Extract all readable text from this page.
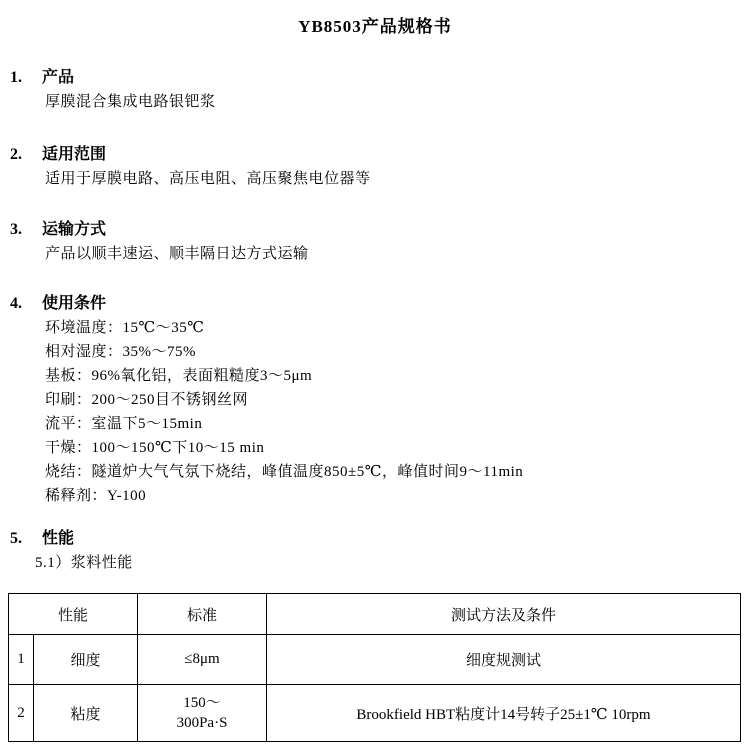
YB8503产品规格书
1. 产品
厚膜混合集成电路银钯浆
2. 适用范围
适用于厚膜电路、高压电阻、高压聚焦电位器等
3. 运输方式
产品以顺丰速运、顺丰隔日达方式运输
4. 使用条件
环境温度：15℃～35℃
相对湿度：35%～75%
基板：96%氧化铝，表面粗糙度3～5μm
印刷：200～250目不锈钢丝网
流平：室温下5～15min
干燥：100～150℃下10～15 min
烧结：隧道炉大气气氛下烧结，峰值温度850±5℃，峰值时间9～11min
稀释剂：Y-100
5. 性能
5.1）浆料性能
性能		标准	测试方法及条件
1	细度	≤8μm	细度规测试
2	粘度	150～
300Pa·S	Brookfield HBT粘度计14号转子25±1℃ 10rpm
